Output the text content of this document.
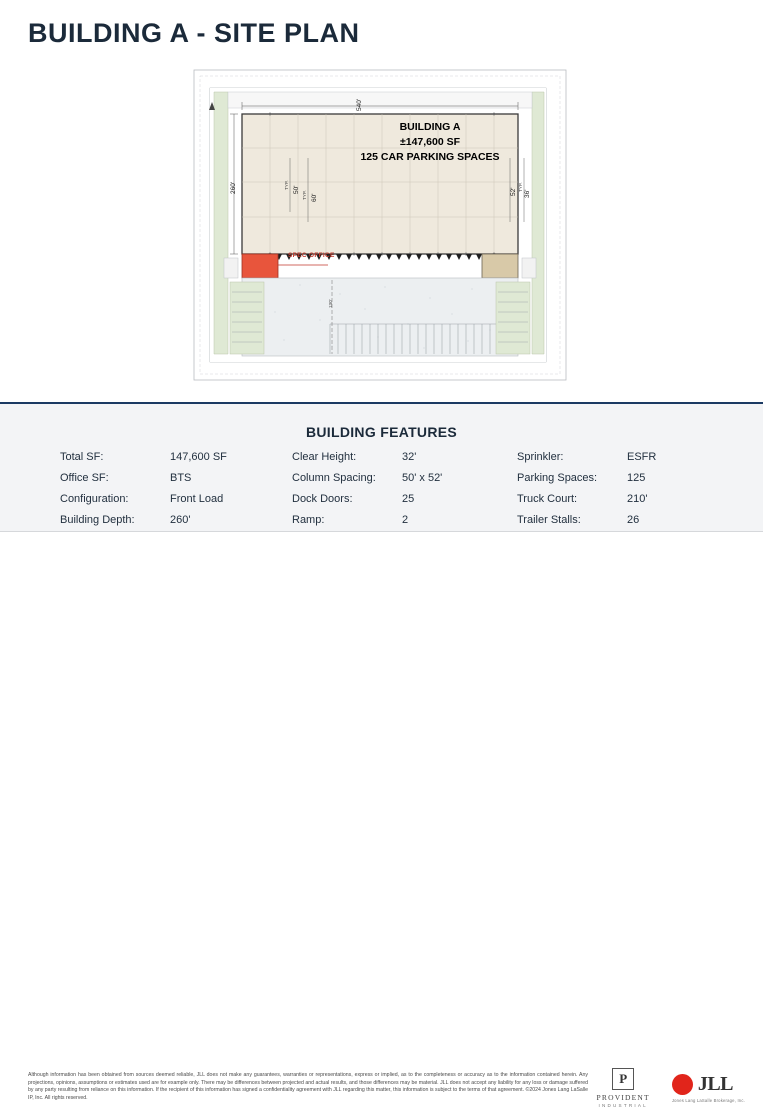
BUILDING A - SITE PLAN
BUILDING A
±147,600 SF
125 CAR PARKING SPACES
SPEC OFFICE
260'
540'
50'
60'
TYP.
TYP.	52' 36'
TYP.
130'
BUILDING FEATURES
Total SF:	147,600 SF
Office SF:	BTS
Configuration:	Front Load
Building Depth:	260'
Clear Height:	32'
Column Spacing:	50' x 52'
Dock Doors:	25
Ramp:	2
Sprinkler:	ESFR
Parking Spaces:	125
Truck Court:	210'
Trailer Stalls:	26
Although information has been obtained from sources deemed reliable, JLL does not make any guarantees, warranties or representations, express or implied, as to the completeness or accuracy as to the information contained herein. Any projections, opinions, assumptions or estimates used are for example only. There may be differences between projected and actual results, and those differences may be material. JLL does not accept any liability for any loss or damage suffered by any party resulting from reliance on this information. If the recipient of this information has signed a confidentiality agreement with JLL regarding this matter, this information is subject to the terms of that agreement. ©2024 Jones Lang LaSalle IP, Inc. All rights reserved.
P
PROVIDENT
INDUSTRIAL
JLL
Jones Lang LaSalle Brokerage, Inc.
